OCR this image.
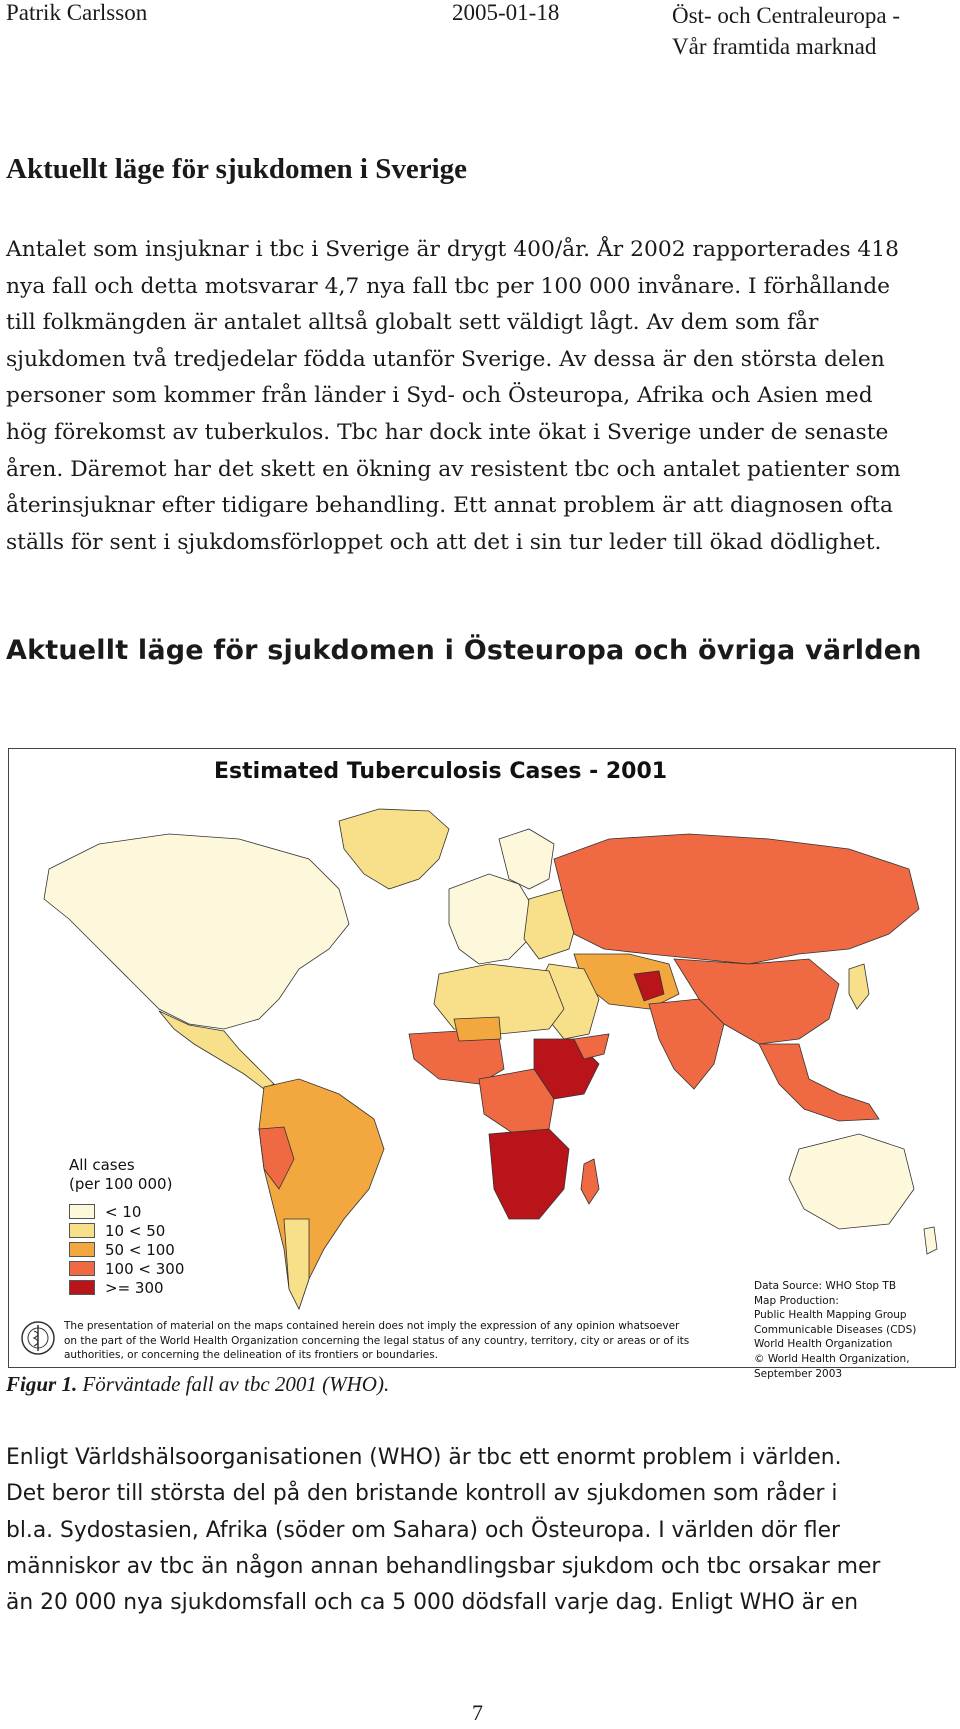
Patrik Carlsson	2005-01-18	Öst- och Centraleuropa -
Vår framtida marknad
Aktuellt läge för sjukdomen i Sverige

Antalet som insjuknar i tbc i Sverige är drygt 400/år. År 2002 rapporterades 418
nya fall och detta motsvarar 4,7 nya fall tbc per 100 000 invånare. I förhållande
till folkmängden är antalet alltså globalt sett väldigt lågt. Av dem som får
sjukdomen två tredjedelar födda utanför Sverige. Av dessa är den största delen
personer som kommer från länder i Syd- och Östeuropa, Afrika och Asien med
hög förekomst av tuberkulos. Tbc har dock inte ökat i Sverige under de senaste
åren. Däremot har det skett en ökning av resistent tbc och antalet patienter som
återinsjuknar efter tidigare behandling. Ett annat problem är att diagnosen ofta
ställs för sent i sjukdomsförloppet och att det i sin tur leder till ökad dödlighet.

Aktuellt läge för sjukdomen i Östeuropa och övriga världen
Estimated Tuberculosis Cases - 2001
All cases
(per 100 000)
< 10
10 < 50
50 < 100
100 < 300
>= 300	Data Source: WHO Stop TB
Map Production:
Public Health Mapping Group
Communicable Diseases (CDS)
World Health Organization
© World Health Organization, September 2003
The presentation of material on the maps contained herein does not imply the expression of any opinion whatsoever
on the part of the World Health Organization concerning the legal status of any country, territory, city or areas or of its
authorities, or concerning the delineation of its frontiers or boundaries.
Figur 1. Förväntade fall av tbc 2001 (WHO).

Enligt Världshälsoorganisationen (WHO) är tbc ett enormt problem i världen.
Det beror till största del på den bristande kontroll av sjukdomen som råder i
bl.a. Sydostasien, Afrika (söder om Sahara) och Östeuropa. I världen dör fler
människor av tbc än någon annan behandlingsbar sjukdom och tbc orsakar mer
än 20 000 nya sjukdomsfall och ca 5 000 dödsfall varje dag. Enligt WHO är en

7
